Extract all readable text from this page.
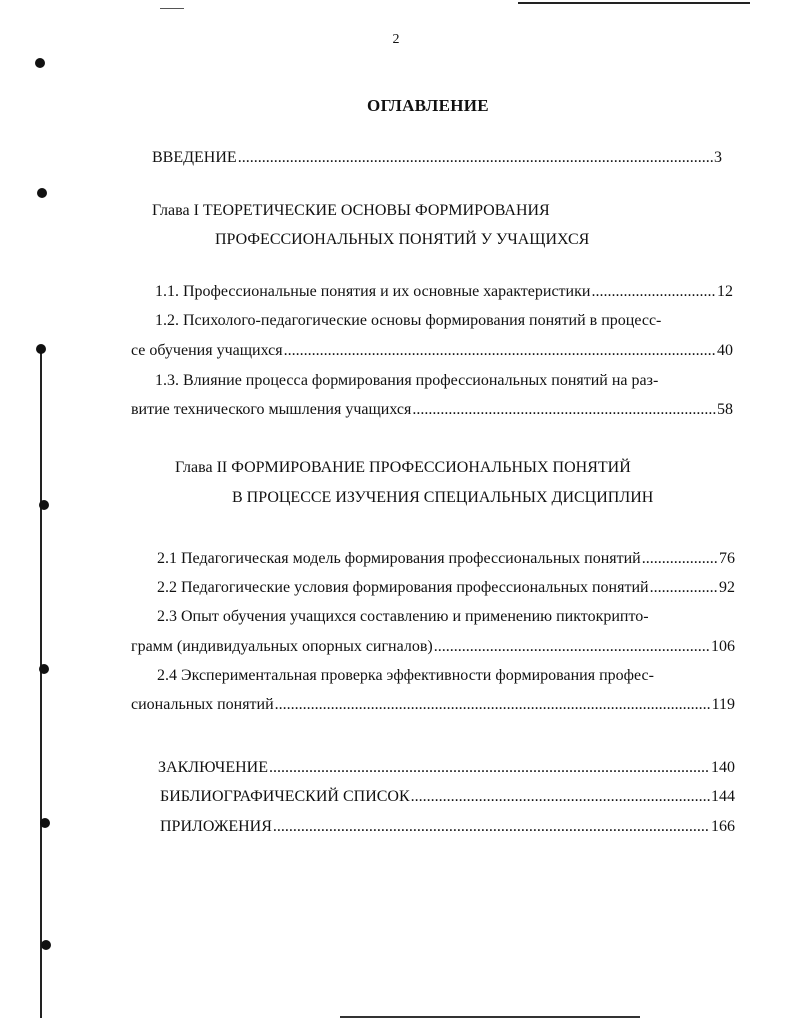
2
ОГЛАВЛЕНИЕ
ВВЕДЕНИЕ .....	3
Глава I ТЕОРЕТИЧЕСКИЕ ОСНОВЫ ФОРМИРОВАНИЯ
ПРОФЕССИОНАЛЬНЫХ ПОНЯТИЙ У УЧАЩИХСЯ
1.1. Профессиональные понятия и их основные характеристики .....	12
1.2. Психолого-педагогические основы формирования понятий в процесс-
се обучения учащихся .....	40
1.3. Влияние процесса формирования профессиональных понятий на раз-
витие технического мышления учащихся .....	58
Глава II ФОРМИРОВАНИЕ ПРОФЕССИОНАЛЬНЫХ ПОНЯТИЙ
В ПРОЦЕССЕ ИЗУЧЕНИЯ СПЕЦИАЛЬНЫХ ДИСЦИПЛИН
2.1 Педагогическая модель формирования профессиональных понятий .....	76
2.2 Педагогические условия формирования профессиональных понятий .....	92
2.3 Опыт обучения учащихся составлению и применению пиктокрипто-
грамм (индивидуальных опорных сигналов) .....	106
2.4 Экспериментальная проверка эффективности формирования профес-
сиональных понятий .....	119
ЗАКЛЮЧЕНИЕ .....	140
БИБЛИОГРАФИЧЕСКИЙ СПИСОК .....	144
ПРИЛОЖЕНИЯ .....	166
